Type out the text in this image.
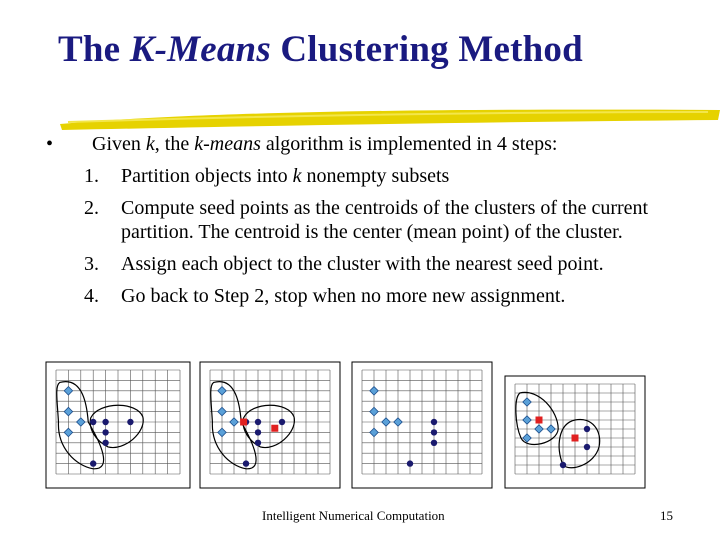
The K-Means Clustering Method
• Given k, the k-means algorithm is implemented in 4 steps:
1.	Partition objects into k nonempty subsets
2.	Compute seed points as the centroids of the clusters of the current partition. The centroid is the center (mean point) of the cluster.
3.	Assign each object to the cluster with the nearest seed point.
4.	Go back to Step 2, stop when no more new assignment.
Intelligent Numerical Computation	15
